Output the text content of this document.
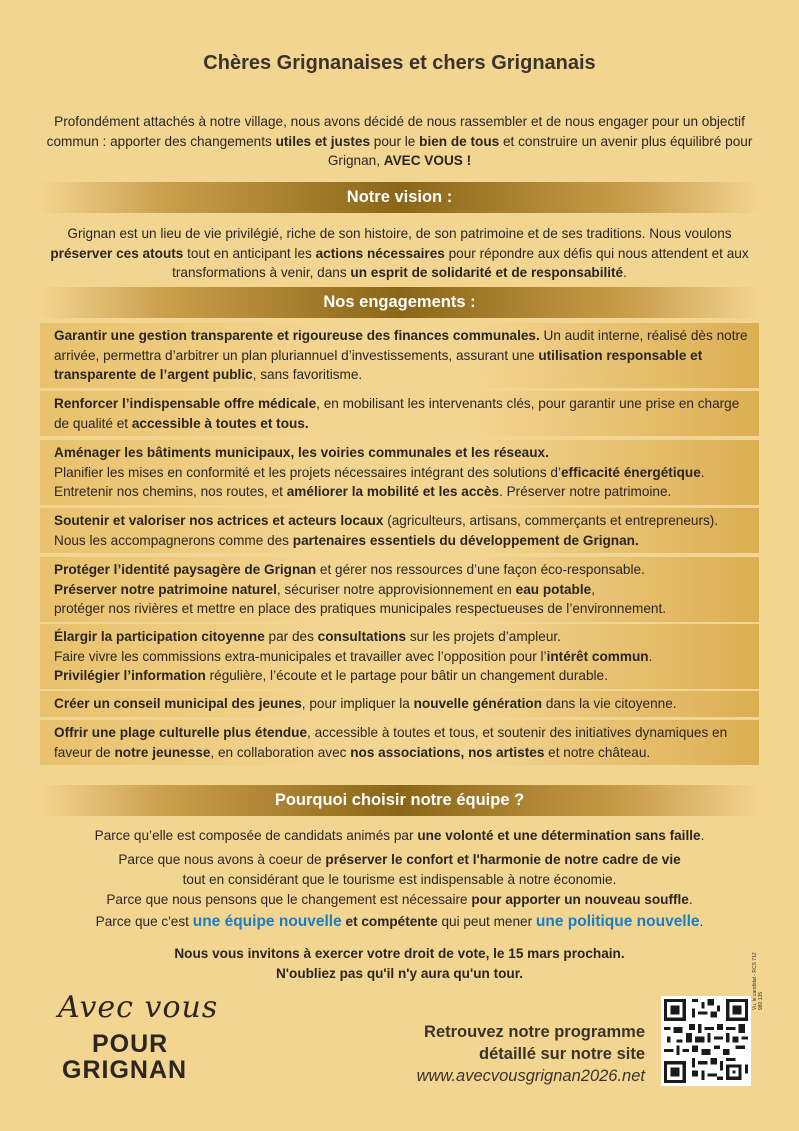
Chères Grignanaises et chers Grignanais
Profondément attachés à notre village, nous avons décidé de nous rassembler et de nous engager pour un objectif commun : apporter des changements utiles et justes pour le bien de tous et construire un avenir plus équilibré pour Grignan, AVEC VOUS !
Notre vision :
Grignan est un lieu de vie privilégié, riche de son histoire, de son patrimoine et de ses traditions. Nous voulons préserver ces atouts tout en anticipant les actions nécessaires pour répondre aux défis qui nous attendent et aux transformations à venir, dans un esprit de solidarité et de responsabilité.
Nos engagements :
Garantir une gestion transparente et rigoureuse des finances communales. Un audit interne, réalisé dès notre arrivée, permettra d’arbitrer un plan pluriannuel d’investissements, assurant une utilisation responsable et transparente de l’argent public, sans favoritisme.
Renforcer l’indispensable offre médicale, en mobilisant les intervenants clés, pour garantir une prise en charge de qualité et accessible à toutes et tous.
Aménager les bâtiments municipaux, les voiries communales et les réseaux.
Planifier les mises en conformité et les projets nécessaires intégrant des solutions d’efficacité énergétique.
Entretenir nos chemins, nos routes, et améliorer la mobilité et les accès. Préserver notre patrimoine.
Soutenir et valoriser nos actrices et acteurs locaux (agriculteurs, artisans, commerçants et entrepreneurs).
Nous les accompagnerons comme des partenaires essentiels du développement de Grignan.
Protéger l’identité paysagère de Grignan et gérer nos ressources d’une façon éco-responsable.
Préserver notre patrimoine naturel, sécuriser notre approvisionnement en eau potable,
protéger nos rivières et mettre en place des pratiques municipales respectueuses de l’environnement.
Élargir la participation citoyenne par des consultations sur les projets d’ampleur.
Faire vivre les commissions extra-municipales et travailler avec l’opposition pour l’intérêt commun.
Privilégier l’information régulière, l’écoute et le partage pour bâtir un changement durable.
Créer un conseil municipal des jeunes, pour impliquer la nouvelle génération dans la vie citoyenne.
Offrir une plage culturelle plus étendue, accessible à toutes et tous, et soutenir des initiatives dynamiques en faveur de notre jeunesse, en collaboration avec nos associations, nos artistes et notre château.
Pourquoi choisir notre équipe ?
Parce qu’elle est composée de candidats animés par une volonté et une détermination sans faille.
Parce que nous avons à coeur de préserver le confort et l'harmonie de notre cadre de vie
tout en considérant que le tourisme est indispensable à notre économie.
Parce que nous pensons que le changement est nécessaire pour apporter un nouveau souffle.
Parce que c'est une équipe nouvelle et compétente qui peut mener une politique nouvelle.
Nous vous invitons à exercer votre droit de vote, le 15 mars prochain.
N'oubliez pas qu'il n'y aura qu'un tour.
Avec vous
POUR
GRIGNAN
Retrouvez notre programme
détaillé sur notre site
www.avecvousgrignan2026.net
Vu, le candidat - RCS 712 980 135
